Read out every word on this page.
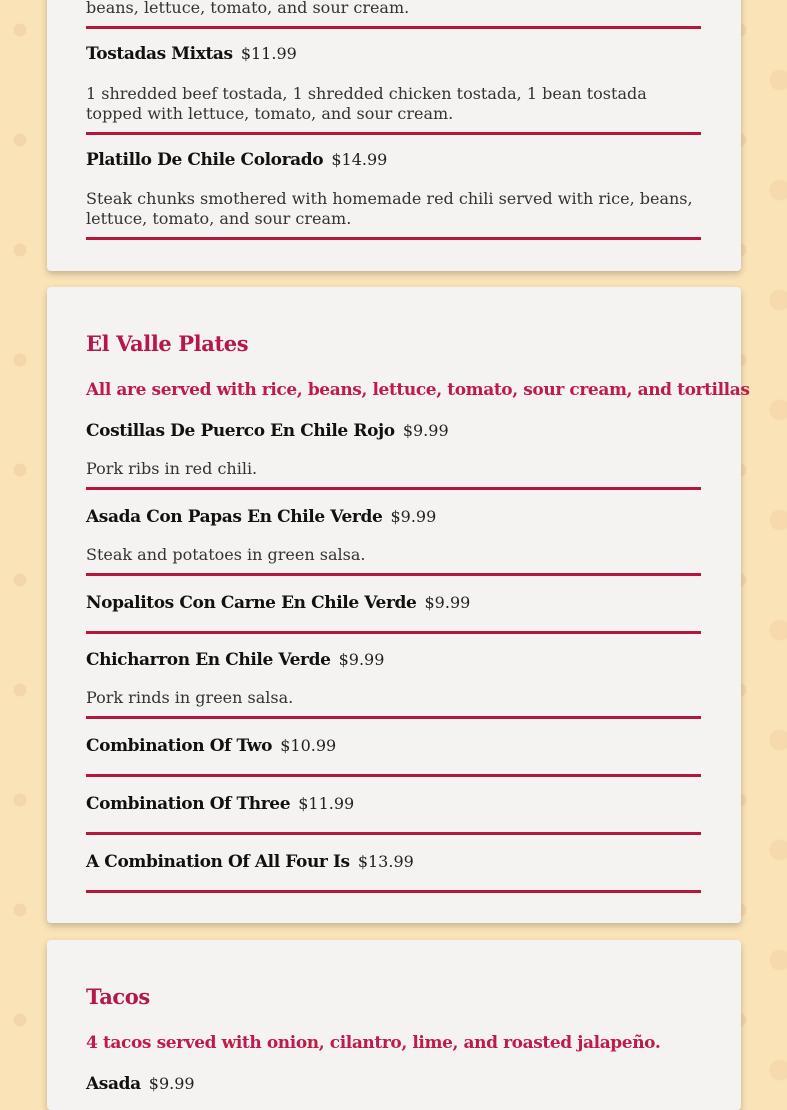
beans, lettuce, tomato, and sour cream.
Tostadas Mixtas $11.99
1 shredded beef tostada, 1 shredded chicken tostada, 1 bean tostada topped with lettuce, tomato, and sour cream.
Platillo De Chile Colorado $14.99
Steak chunks smothered with homemade red chili served with rice, beans, lettuce, tomato, and sour cream.
El Valle Plates

All are served with rice, beans, lettuce, tomato, sour cream, and tortillas

Costillas De Puerco En Chile Rojo $9.99
Pork ribs in red chili.
Asada Con Papas En Chile Verde $9.99
Steak and potatoes in green salsa.
Nopalitos Con Carne En Chile Verde $9.99
Chicharron En Chile Verde $9.99
Pork rinds in green salsa.
Combination Of Two $10.99
Combination Of Three $11.99
A Combination Of All Four Is $13.99
Tacos

4 tacos served with onion, cilantro, lime, and roasted jalapeño.

Asada $9.99
